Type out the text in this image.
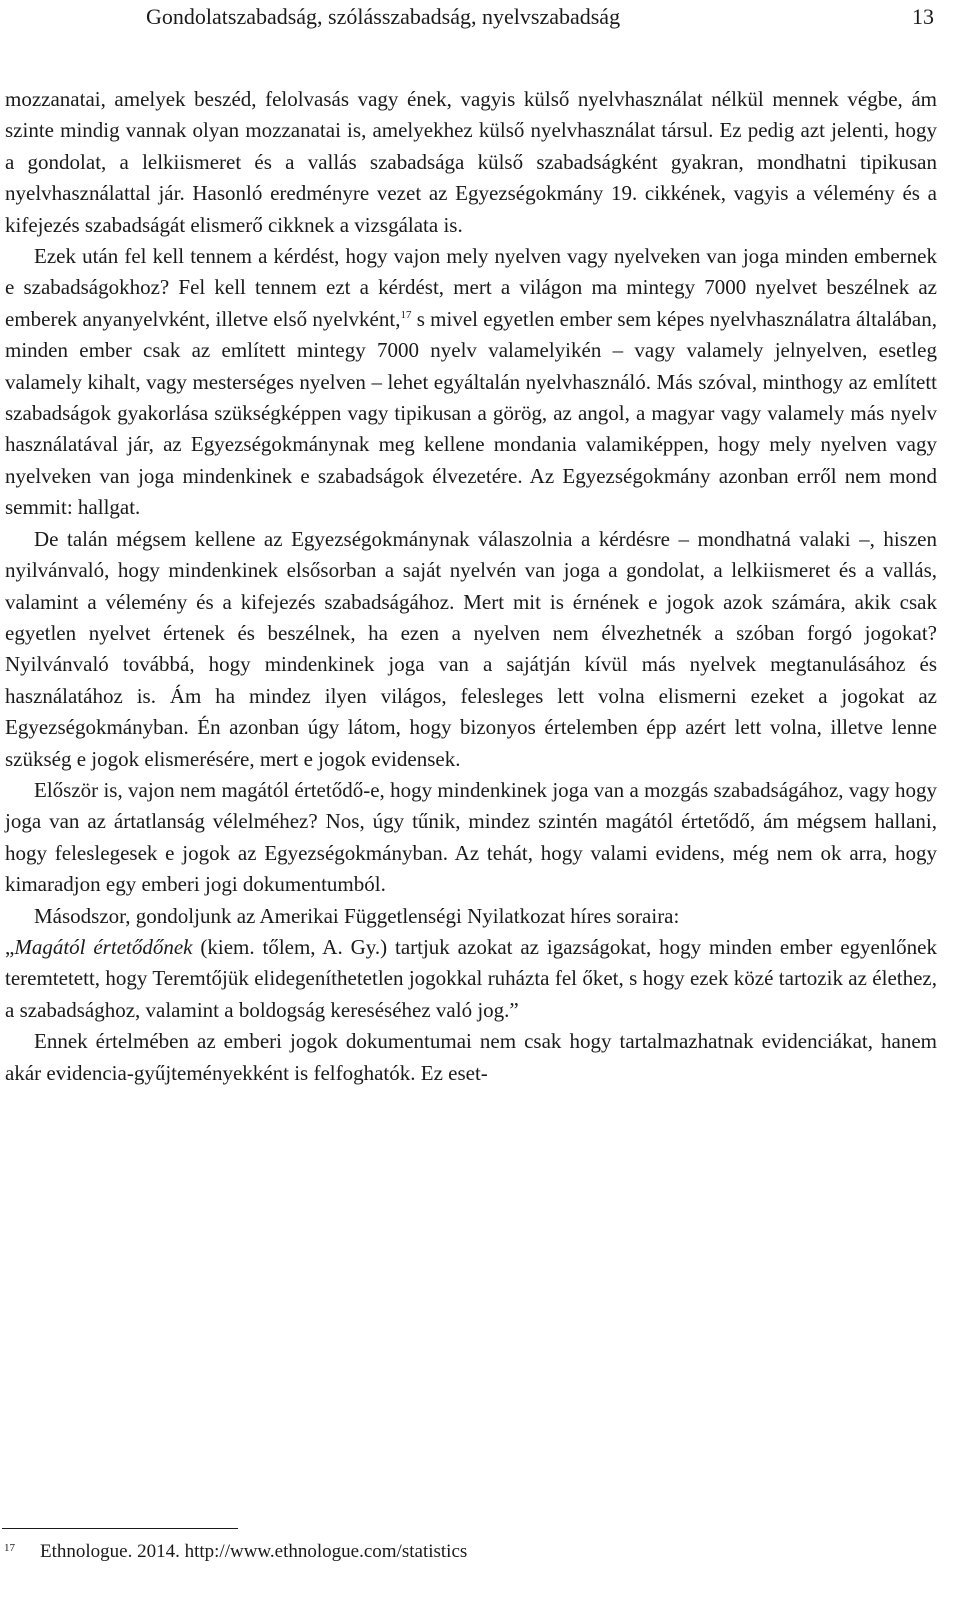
Gondolatszabadság, szólásszabadság, nyelvszabadság	13

mozzanatai, amelyek beszéd, felolvasás vagy ének, vagyis külső nyelvhasználat nélkül mennek végbe, ám szinte mindig vannak olyan mozzanatai is, amelyekhez külső nyelvhasználat társul. Ez pedig azt jelenti, hogy a gondolat, a lelkiismeret és a vallás szabadsága külső szabadságként gyakran, mondhatni tipikusan nyelvhasználattal jár. Hasonló eredményre vezet az Egyezségokmány 19. cikkének, vagyis a vélemény és a kifejezés szabadságát elismerő cikknek a vizsgálata is.

Ezek után fel kell tennem a kérdést, hogy vajon mely nyelven vagy nyelveken van joga minden embernek e szabadságokhoz? Fel kell tennem ezt a kérdést, mert a világon ma mintegy 7000 nyelvet beszélnek az emberek anyanyelvként, illetve első nyelvként,$^{17}$ s mivel egyetlen ember sem képes nyelvhasználatra általában, minden ember csak az említett mintegy 7000 nyelv valamelyikén – vagy valamely jelnyelven, esetleg valamely kihalt, vagy mesterséges nyelven – lehet egyáltalán nyelvhasználó. Más szóval, minthogy az említett szabadságok gyakorlása szükségképpen vagy tipikusan a görög, az angol, a magyar vagy valamely más nyelv használatával jár, az Egyezségokmánynak meg kellene mondania valamiképpen, hogy mely nyelven vagy nyelveken van joga mindenkinek e szabadságok élvezetére. Az Egyezségokmány azonban erről nem mond semmit: hallgat.

De talán mégsem kellene az Egyezségokmánynak válaszolnia a kérdésre – mondhatná valaki –, hiszen nyilvánvaló, hogy mindenkinek elsősorban a saját nyelvén van joga a gondolat, a lelkiismeret és a vallás, valamint a vélemény és a kifejezés szabadságához. Mert mit is érnének e jogok azok számára, akik csak egyetlen nyelvet értenek és beszélnek, ha ezen a nyelven nem élvezhetnék a szóban forgó jogokat? Nyilvánvaló továbbá, hogy mindenkinek joga van a sajátján kívül más nyelvek megtanulásához és használatához is. Ám ha mindez ilyen világos, felesleges lett volna elismerni ezeket a jogokat az Egyezségokmányban. Én azonban úgy látom, hogy bizonyos értelemben épp azért lett volna, illetve lenne szükség e jogok elismerésére, mert e jogok evidensek.

Először is, vajon nem magától értetődő-e, hogy mindenkinek joga van a mozgás szabadságához, vagy hogy joga van az ártatlanság vélelméhez? Nos, úgy tűnik, mindez szintén magától értetődő, ám mégsem hallani, hogy feleslegesek e jogok az Egyezségokmányban. Az tehát, hogy valami evidens, még nem ok arra, hogy kimaradjon egy emberi jogi dokumentumból.

Másodszor, gondoljunk az Amerikai Függetlenségi Nyilatkozat híres soraira:

„Magától értetődőnek (kiem. tőlem, A. Gy.) tartjuk azokat az igazságokat, hogy minden ember egyenlőnek teremtetett, hogy Teremtőjük elidegeníthetetlen jogokkal ruházta fel őket, s hogy ezek közé tartozik az élethez, a szabadsághoz, valamint a boldogság kereséséhez való jog.”

Ennek értelmében az emberi jogok dokumentumai nem csak hogy tartalmazhatnak evidenciákat, hanem akár evidencia-gyűjteményekként is felfoghatók. Ez eset-

17 Ethnologue. 2014. http://www.ethnologue.com/statistics
